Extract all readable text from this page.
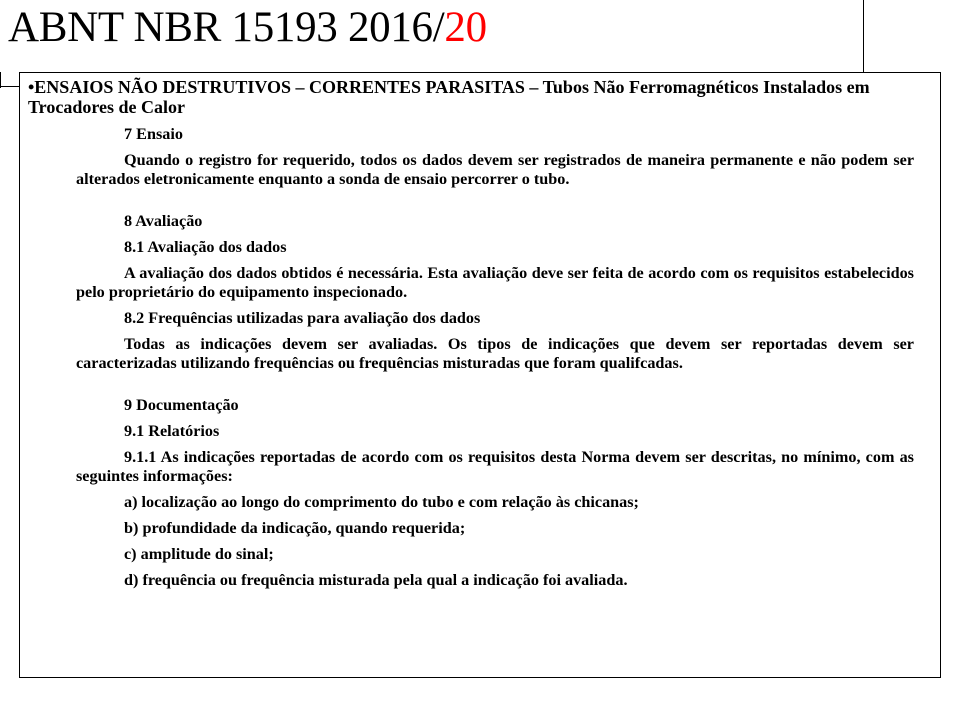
ABNT NBR 15193 2016/20
•ENSAIOS NÃO DESTRUTIVOS – CORRENTES PARASITAS – Tubos Não Ferromagnéticos Instalados em Trocadores de Calor
7 Ensaio
Quando o registro for requerido, todos os dados devem ser registrados de maneira permanente e não podem ser alterados eletronicamente enquanto a sonda de ensaio percorrer o tubo.
8 Avaliação
8.1 Avaliação dos dados
A avaliação dos dados obtidos é necessária. Esta avaliação deve ser feita de acordo com os requisitos estabelecidos pelo proprietário do equipamento inspecionado.
8.2 Frequências utilizadas para avaliação dos dados
Todas as indicações devem ser avaliadas. Os tipos de indicações que devem ser reportadas devem ser caracterizadas utilizando frequências ou frequências misturadas que foram qualifcadas.
9 Documentação
9.1 Relatórios
9.1.1 As indicações reportadas de acordo com os requisitos desta Norma devem ser descritas, no mínimo, com as seguintes informações:
a) localização ao longo do comprimento do tubo e com relação às chicanas;
b) profundidade da indicação, quando requerida;
c) amplitude do sinal;
d) frequência ou frequência misturada pela qual a indicação foi avaliada.
